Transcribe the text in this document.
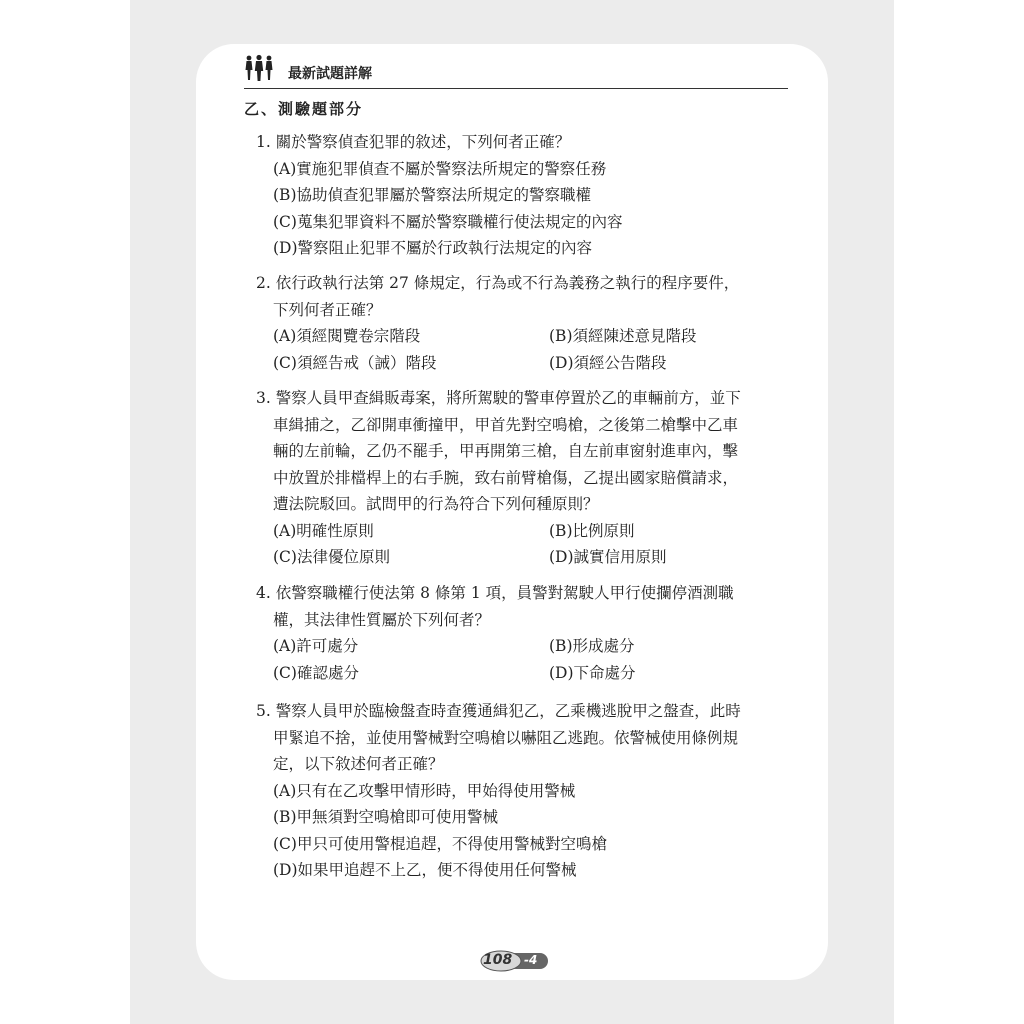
最新試題詳解
乙、測驗題部分
1. 關於警察偵查犯罪的敘述，下列何者正確？
(A)實施犯罪偵查不屬於警察法所規定的警察任務
(B)協助偵查犯罪屬於警察法所規定的警察職權
(C)蒐集犯罪資料不屬於警察職權行使法規定的內容
(D)警察阻止犯罪不屬於行政執行法規定的內容
2. 依行政執行法第 27 條規定，行為或不行為義務之執行的程序要件，
下列何者正確？
(A)須經閱覽卷宗階段	(B)須經陳述意見階段
(C)須經告戒（誡）階段	(D)須經公告階段
3. 警察人員甲查緝販毒案，將所駕駛的警車停置於乙的車輛前方，並下
車緝捕之，乙卻開車衝撞甲，甲首先對空鳴槍，之後第二槍擊中乙車
輛的左前輪，乙仍不罷手，甲再開第三槍，自左前車窗射進車內，擊
中放置於排檔桿上的右手腕，致右前臂槍傷，乙提出國家賠償請求，
遭法院駁回。試問甲的行為符合下列何種原則？
(A)明確性原則	(B)比例原則
(C)法律優位原則	(D)誠實信用原則
4. 依警察職權行使法第 8 條第 1 項，員警對駕駛人甲行使攔停酒測職
權，其法律性質屬於下列何者？
(A)許可處分	(B)形成處分
(C)確認處分	(D)下命處分
5. 警察人員甲於臨檢盤查時查獲通緝犯乙，乙乘機逃脫甲之盤查，此時
甲緊追不捨，並使用警械對空鳴槍以嚇阻乙逃跑。依警械使用條例規
定，以下敘述何者正確？
(A)只有在乙攻擊甲情形時，甲始得使用警械
(B)甲無須對空鳴槍即可使用警械
(C)甲只可使用警棍追趕，不得使用警械對空鳴槍
(D)如果甲追趕不上乙，便不得使用任何警械
108 -4
